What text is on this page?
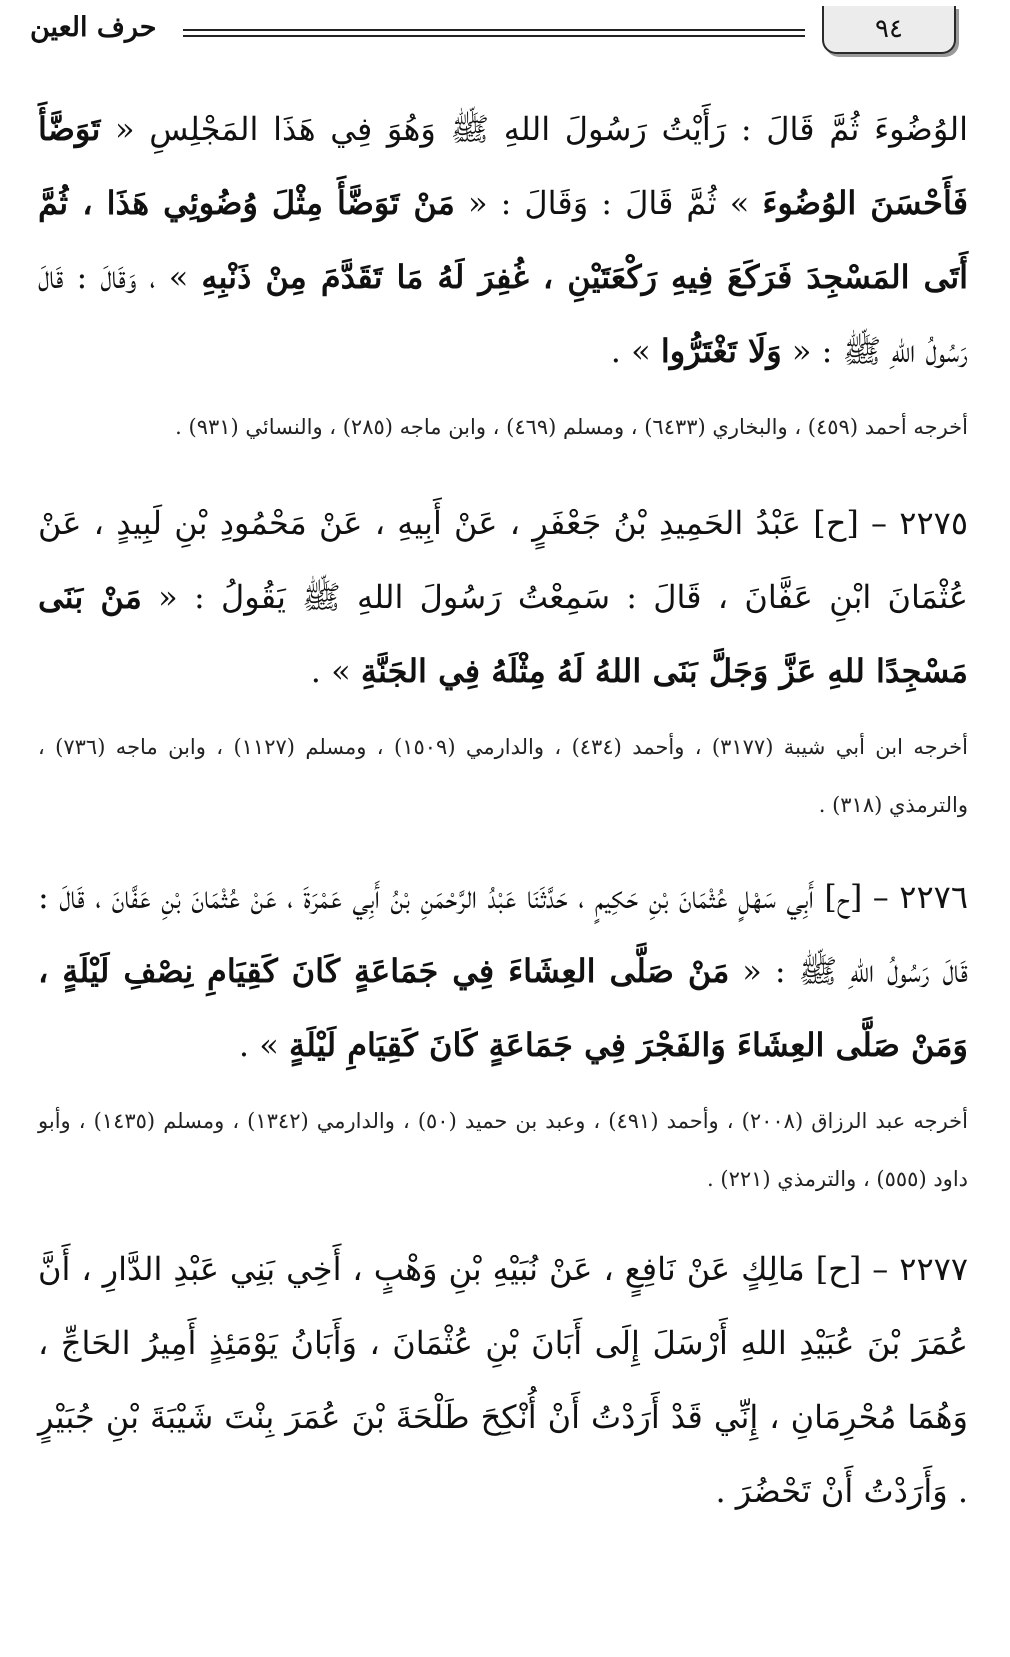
٩٤
حرف العين

الوُضُوءَ ثُمَّ قَالَ : رَأَيْتُ رَسُولَ اللهِ ﷺ وَهُوَ فِي هَذَا المَجْلِسِ « تَوَضَّأَ فَأَحْسَنَ الوُضُوءَ » ثُمَّ قَالَ : وَقَالَ : « مَنْ تَوَضَّأَ مِثْلَ وُضُوئِي هَذَا ، ثُمَّ أَتَى المَسْجِدَ فَرَكَعَ فِيهِ رَكْعَتَيْنِ ، غُفِرَ لَهُ مَا تَقَدَّمَ مِنْ ذَنْبِهِ » ، وَقَالَ : قَالَ رَسُولُ اللهِ ﷺ : « وَلَا تَغْتَرُّوا » .

أخرجه أحمد (٤٥٩) ، والبخاري (٦٤٣٣) ، ومسلم (٤٦٩) ، وابن ماجه (٢٨٥) ، والنسائي (٩٣١) .

٢٢٧٥ – [ح] عَبْدُ الحَمِيدِ بْنُ جَعْفَرٍ ، عَنْ أَبِيهِ ، عَنْ مَحْمُودِ بْنِ لَبِيدٍ ، عَنْ عُثْمَانَ ابْنِ عَفَّانَ ، قَالَ : سَمِعْتُ رَسُولَ اللهِ ﷺ يَقُولُ : « مَنْ بَنَى مَسْجِدًا للهِ عَزَّ وَجَلَّ بَنَى اللهُ لَهُ مِثْلَهُ فِي الجَنَّةِ » .

أخرجه ابن أبي شيبة (٣١٧٧) ، وأحمد (٤٣٤) ، والدارمي (١٥٠٩) ، ومسلم (١١٢٧) ، وابن ماجه (٧٣٦) ، والترمذي (٣١٨) .

٢٢٧٦ – [ح] أَبِي سَهْلٍ عُثْمَانَ بْنِ حَكِيمٍ ، حَدَّثَنَا عَبْدُ الرَّحْمَنِ بْنُ أَبِي عَمْرَةَ ، عَنْ عُثْمَانَ بْنِ عَفَّانَ ، قَالَ : قَالَ رَسُولُ اللهِ ﷺ : « مَنْ صَلَّى العِشَاءَ فِي جَمَاعَةٍ كَانَ كَقِيَامِ نِصْفِ لَيْلَةٍ ، وَمَنْ صَلَّى العِشَاءَ وَالفَجْرَ فِي جَمَاعَةٍ كَانَ كَقِيَامِ لَيْلَةٍ » .

أخرجه عبد الرزاق (٢٠٠٨) ، وأحمد (٤٩١) ، وعبد بن حميد (٥٠) ، والدارمي (١٣٤٢) ، ومسلم (١٤٣٥) ، وأبو داود (٥٥٥) ، والترمذي (٢٢١) .

٢٢٧٧ – [ح] مَالِكٍ عَنْ نَافِعٍ ، عَنْ نُبَيْهِ بْنِ وَهْبٍ ، أَخِي بَنِي عَبْدِ الدَّارِ ، أَنَّ عُمَرَ بْنَ عُبَيْدِ اللهِ أَرْسَلَ إِلَى أَبَانَ بْنِ عُثْمَانَ ، وَأَبَانُ يَوْمَئِذٍ أَمِيرُ الحَاجِّ ، وَهُمَا مُحْرِمَانِ ، إِنِّي قَدْ أَرَدْتُ أَنْ أُنْكِحَ طَلْحَةَ بْنَ عُمَرَ بِنْتَ شَيْبَةَ بْنِ جُبَيْرٍ . وَأَرَدْتُ أَنْ تَحْضُرَ .
